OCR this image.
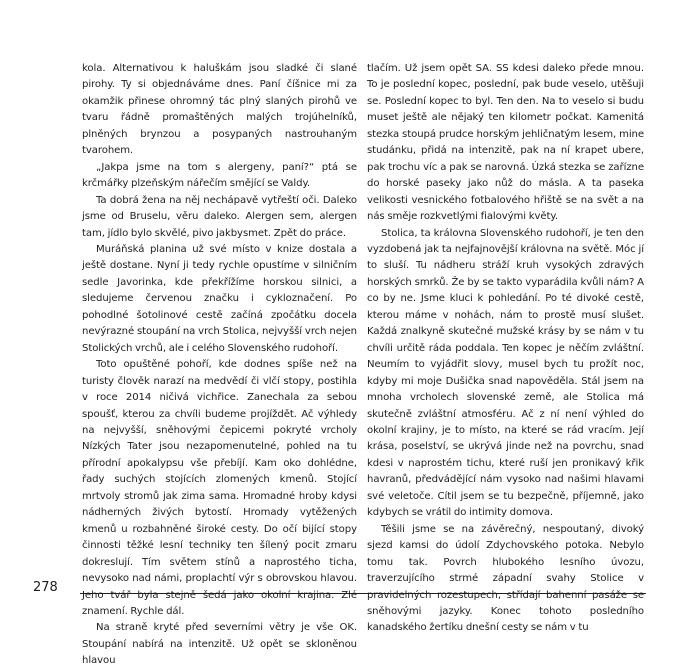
kola. Alternativou k haluškám jsou sladké či slané pirohy. Ty si objednáváme dnes. Paní číšnice mi za okamžik přinese ohromný tác plný slaných pirohů ve tvaru řádně promaštěných malých trojúhelníků, plněných brynzou a posypaných nastrouhaným tvarohem.

„Jakpa jsme na tom s alergeny, paní?“ ptá se krčmářky plzeňským nářečím smějící se Valdy.

Ta dobrá žena na něj nechápavě vytřeští oči. Daleko jsme od Bruselu, věru daleko. Alergen sem, alergen tam, jídlo bylo skvělé, pivo jakbysmet. Zpět do práce.

Muráňská planina už své místo v knize dostala a ještě dostane. Nyní ji tedy rychle opustíme v silničním sedle Javorinka, kde překřížíme horskou silnici, a sledujeme červenou značku i cykloznačení. Po pohodlné šotolinové cestě začíná zpočátku docela nevýrazné stoupání na vrch Stolica, nejvyšší vrch nejen Stolických vrchů, ale i celého Slovenského rudohoří.

Toto opuštěné pohoří, kde dodnes spíše než na turisty člověk narazí na medvědí či vlčí stopy, postihla v roce 2014 ničivá vichřice. Zanechala za sebou spoušť, kterou za chvíli budeme projíždět. Ač výhledy na nejvyšší, sněhovými čepicemi pokryté vrcholy Nízkých Tater jsou nezapomenutelné, pohled na tu přírodní apokalypsu vše přebíjí. Kam oko dohlédne, řady suchých stojících zlomených kmenů. Stojící mrtvoly stromů jak zima sama. Hromadné hroby kdysi nádherných živých bytostí. Hromady vytěžených kmenů u rozbahněné široké cesty. Do očí bijící stopy činnosti těžké lesní techniky ten šílený pocit zmaru dokreslují. Tím světem stínů a naprostého ticha, nevysoko nad námi, proplachtí výr s obrovskou hlavou. Jeho tvář byla stejně šedá jako okolní krajina. Zlé znamení. Rychle dál.

Na straně kryté před severními větry je vše OK. Stoupání nabírá na intenzitě. Už opět se skloněnou hlavou

tlačím. Už jsem opět SA. SS kdesi daleko přede mnou. To je poslední kopec, poslední, pak bude veselo, utěšuji se. Poslední kopec to byl. Ten den. Na to veselo si budu muset ještě ale nějaký ten kilometr počkat. Kamenitá stezka stoupá prudce horským jehličnatým lesem, mine studánku, přidá na intenzitě, pak na ní krapet ubere, pak trochu víc a pak se narovná. Úzká stezka se zařízne do horské paseky jako nůž do másla. A ta paseka velikosti vesnického fotbalového hřiště se na svět a na nás směje rozkvetlými fialovými květy.

Stolica, ta královna Slovenského rudohoří, je ten den vyzdobená jak ta nejfajnovější královna na světě. Móc jí to sluší. Tu nádheru stráží kruh vysokých zdravých horských smrků. Že by se takto vyparádila kvůli nám? A co by ne. Jsme kluci k pohledání. Po té divoké cestě, kterou máme v nohách, nám to prostě musí slušet. Každá znalkyně skutečné mužské krásy by se nám v tu chvíli určitě ráda poddala. Ten kopec je něčím zvláštní. Neumím to vyjádřit slovy, musel bych tu prožít noc, kdyby mi moje Dušička snad napověděla. Stál jsem na mnoha vrcholech slovenské země, ale Stolica má skutečně zvláštní atmosféru. Ač z ní není výhled do okolní krajiny, je to místo, na které se rád vracím. Její krása, poselství, se ukrývá jinde než na povrchu, snad kdesi v naprostém tichu, které ruší jen pronikavý křik havranů, předvádějící nám vysoko nad našimi hlavami své veletoče. Cítil jsem se tu bezpečně, příjemně, jako kdybych se vrátil do intimity domova.

Těšili jsme se na závěrečný, nespoutaný, divoký sjezd kamsi do údolí Zdychovského potoka. Nebylo tomu tak. Povrch hlubokého lesního úvozu, traverzujícího strmé západní svahy Stolice v pravidelných rozestupech, střídají bahenní pasáže se sněhovými jazyky. Konec tohoto posledního kanadského žertíku dnešní cesty se nám v tu

278
